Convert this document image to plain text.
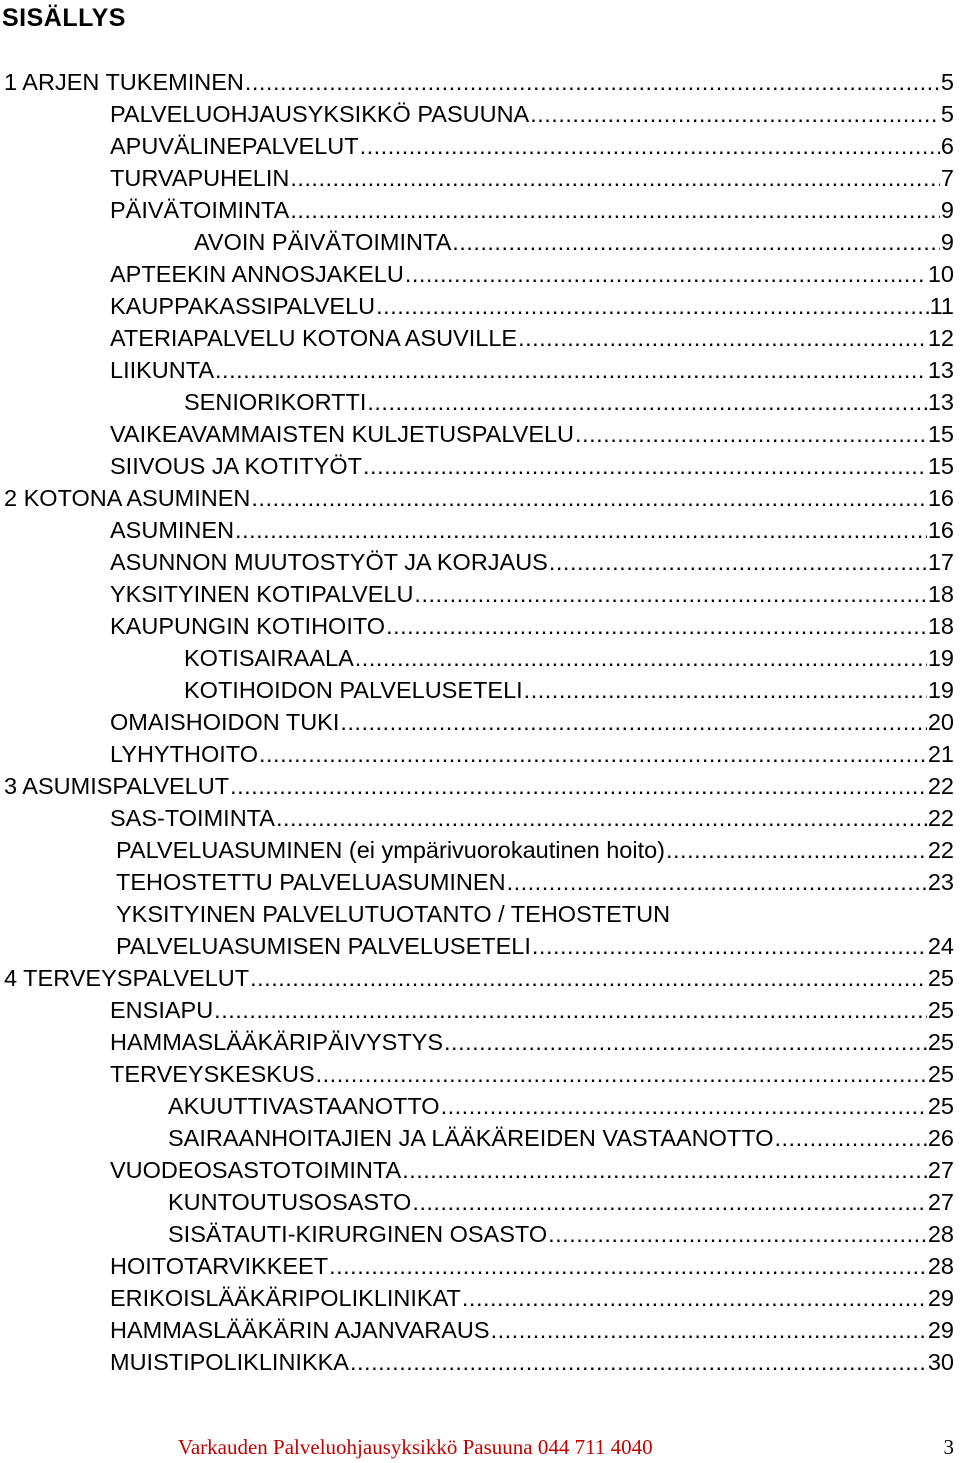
SISÄLLYS
1 ARJEN TUKEMINEN .....	5
PALVELUOHJAUSYKSIKKÖ PASUUNA .....	5
APUVÄLINEPALVELUT .....	6
TURVAPUHELIN .....	7
PÄIVÄTOIMINTA .....	9
AVOIN PÄIVÄTOIMINTA .....	9
APTEEKIN ANNOSJAKELU .....	10
KAUPPAKASSIPALVELU .....	11
ATERIAPALVELU KOTONA ASUVILLE .....	12
LIIKUNTA .....	13
SENIORIKORTTI .....	13
VAIKEAVAMMAISTEN KULJETUSPALVELU .....	15
SIIVOUS JA KOTITYÖT .....	15
2 KOTONA ASUMINEN .....	16
ASUMINEN .....	16
ASUNNON MUUTOSTYÖT JA KORJAUS .....	17
YKSITYINEN KOTIPALVELU .....	18
KAUPUNGIN KOTIHOITO .....	18
KOTISAIRAALA .....	19
KOTIHOIDON PALVELUSETELI .....	19
OMAISHOIDON TUKI .....	20
LYHYTHOITO .....	21
3 ASUMISPALVELUT .....	22
SAS-TOIMINTA .....	22
PALVELUASUMINEN (ei ympärivuorokautinen hoito) .....	22
TEHOSTETTU PALVELUASUMINEN .....	23
YKSITYINEN PALVELUTUOTANTO / TEHOSTETUN
PALVELUASUMISEN PALVELUSETELI .....	24
4 TERVEYSPALVELUT .....	25
ENSIAPU .....	25
HAMMASLÄÄKÄRIPÄIVYSTYS .....	25
TERVEYSKESKUS .....	25
AKUUTTIVASTAANOTTO .....	25
SAIRAANHOITAJIEN JA LÄÄKÄREIDEN VASTAANOTTO .....	26
VUODEOSASTOTOIMINTA .....	27
KUNTOUTUSOSASTO .....	27
SISÄTAUTI-KIRURGINEN OSASTO .....	28
HOITOTARVIKKEET .....	28
ERIKOISLÄÄKÄRIPOLIKLINIKAT .....	29
HAMMASLÄÄKÄRIN AJANVARAUS .....	29
MUISTIPOLIKLINIKKA .....	30
Varkauden Palveluohjausyksikkö Pasuuna 044 711 4040	3
